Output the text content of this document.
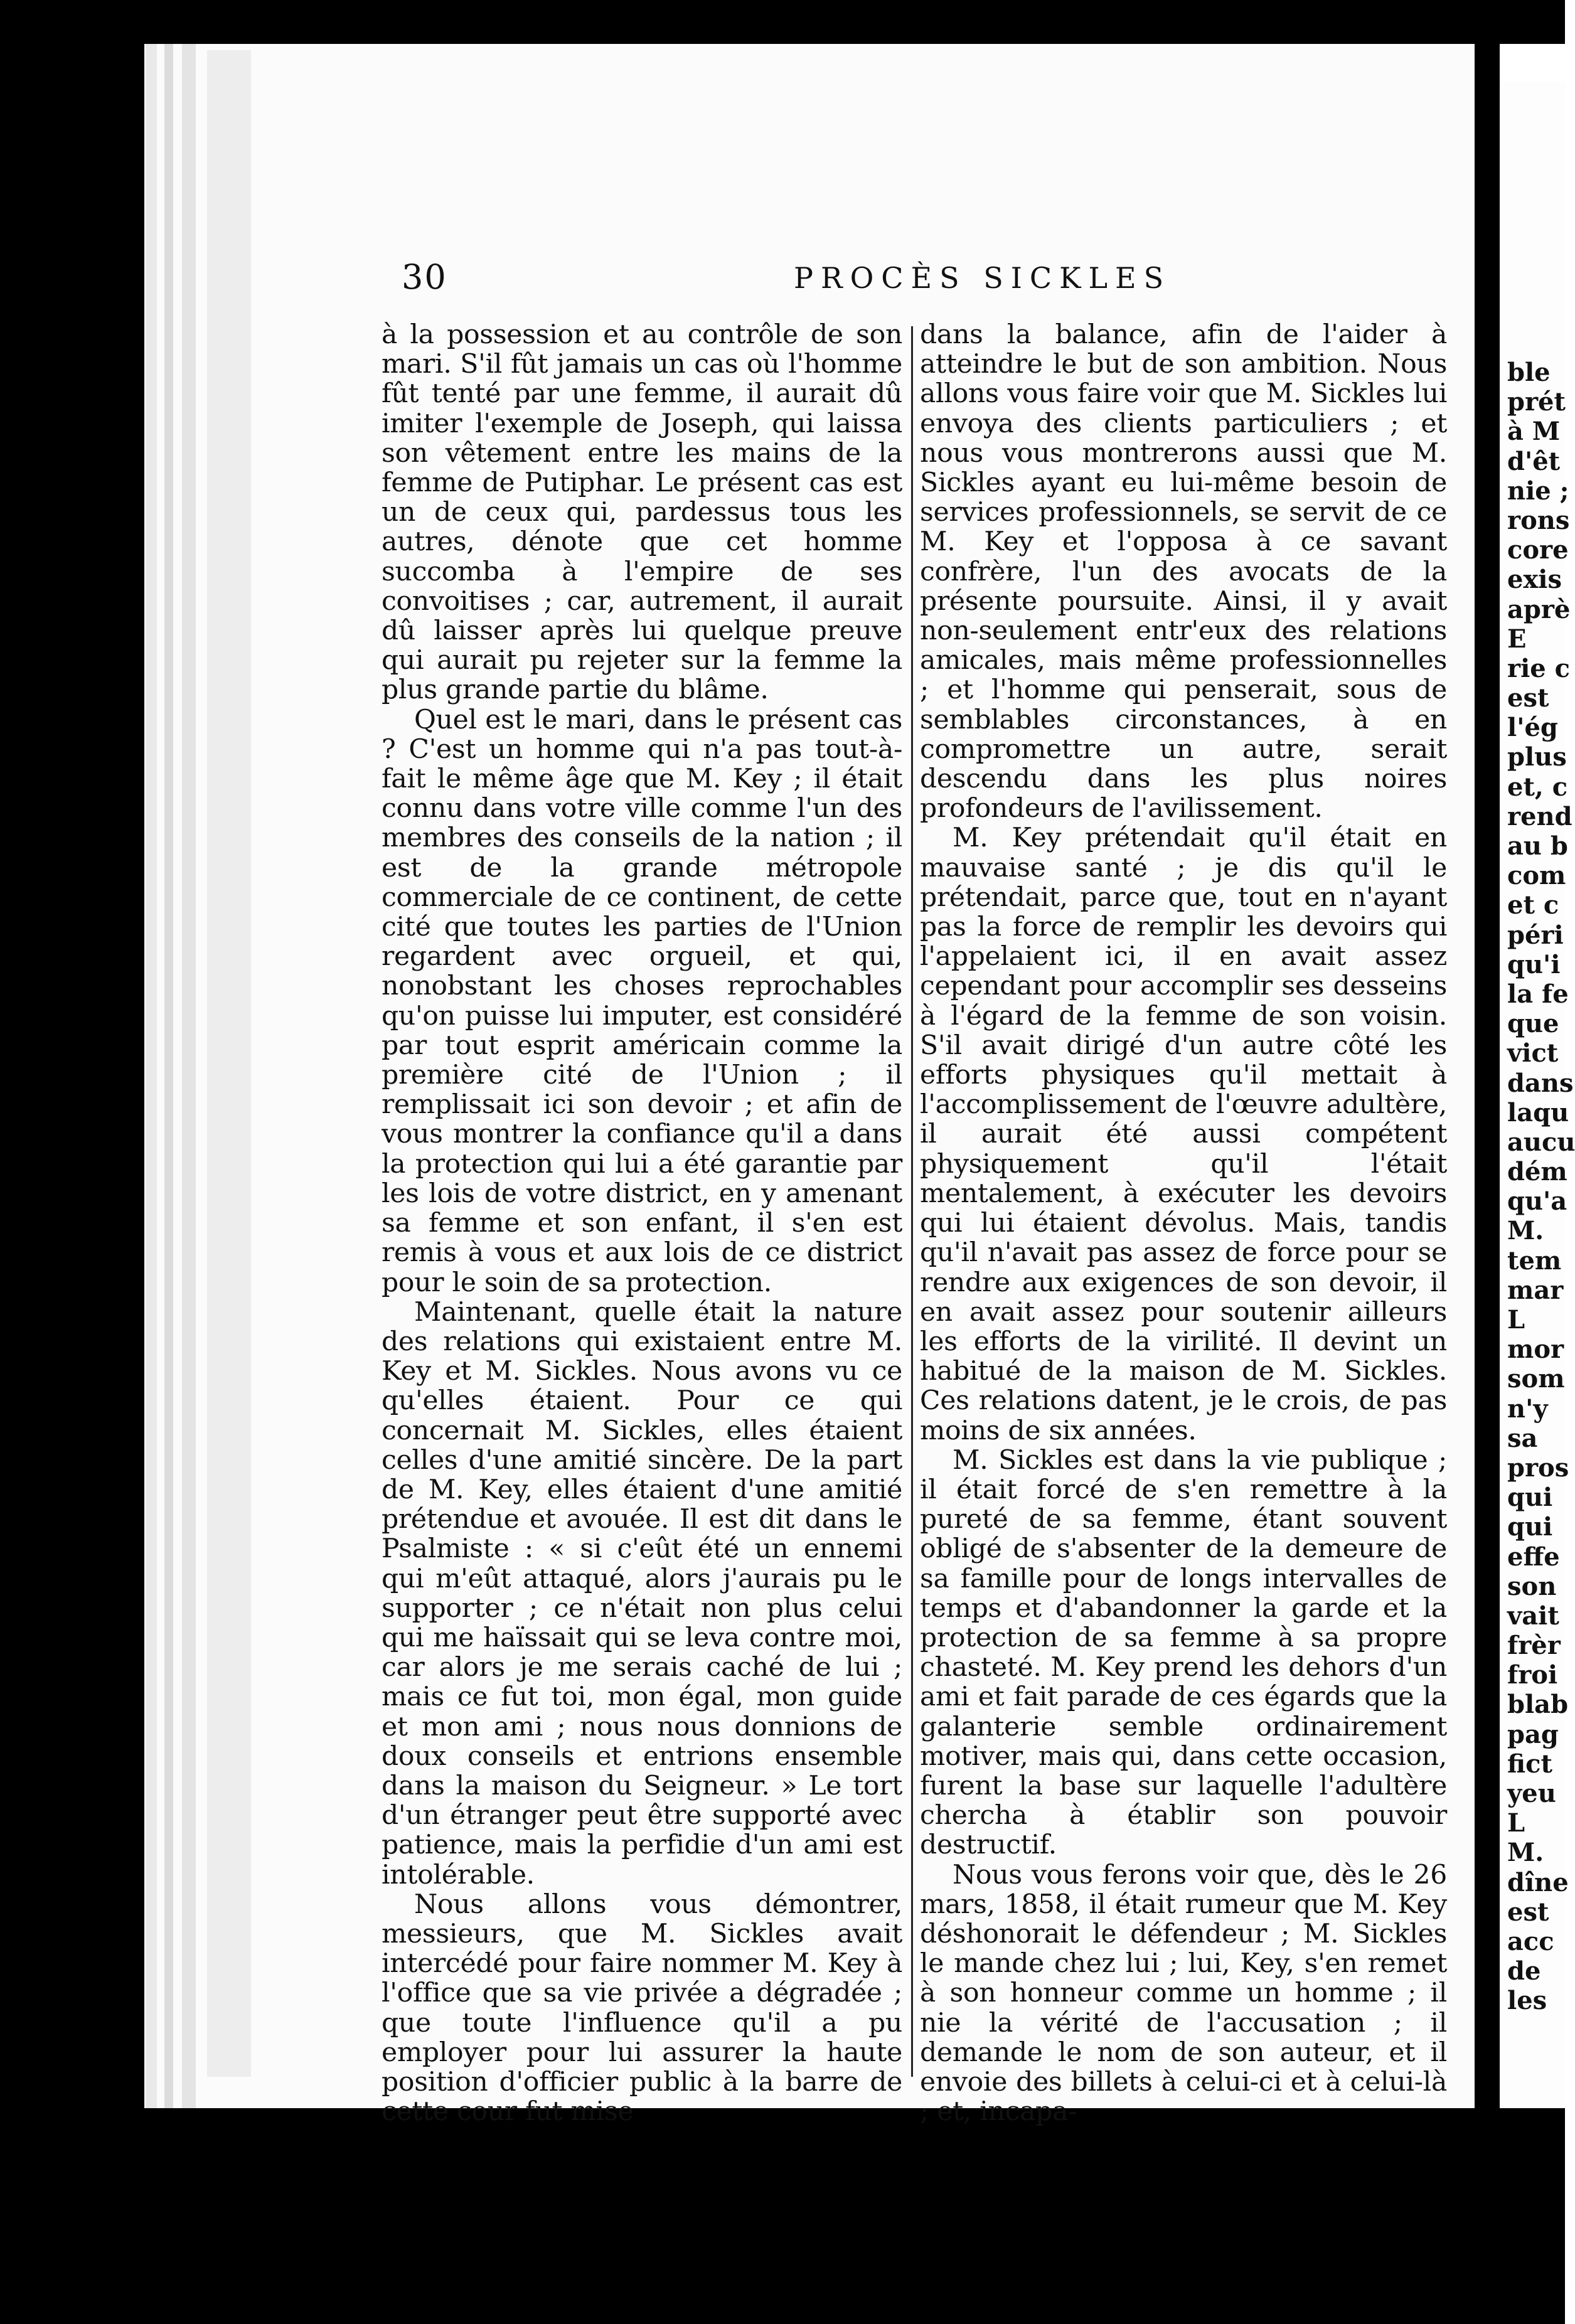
30	PROCÈS SICKLES

à la possession et au contrôle de son mari. S'il fût jamais un cas où l'homme fût tenté par une femme, il aurait dû imiter l'exemple de Joseph, qui laissa son vêtement entre les mains de la femme de Putiphar. Le présent cas est un de ceux qui, pardessus tous les autres, dénote que cet homme succomba à l'empire de ses convoitises ; car, autrement, il aurait dû laisser après lui quelque preuve qui aurait pu rejeter sur la femme la plus grande partie du blâme.

Quel est le mari, dans le présent cas ? C'est un homme qui n'a pas tout-à-fait le même âge que M. Key ; il était connu dans votre ville comme l'un des membres des conseils de la nation ; il est de la grande métropole commerciale de ce continent, de cette cité que toutes les parties de l'Union regardent avec orgueil, et qui, nonobstant les choses reprochables qu'on puisse lui imputer, est considéré par tout esprit américain comme la première cité de l'Union ; il remplissait ici son devoir ; et afin de vous montrer la confiance qu'il a dans la protection qui lui a été garantie par les lois de votre district, en y amenant sa femme et son enfant, il s'en est remis à vous et aux lois de ce district pour le soin de sa protection.

Maintenant, quelle était la nature des relations qui existaient entre M. Key et M. Sickles. Nous avons vu ce qu'elles étaient. Pour ce qui concernait M. Sickles, elles étaient celles d'une amitié sincère. De la part de M. Key, elles étaient d'une amitié prétendue et avouée. Il est dit dans le Psalmiste : « si c'eût été un ennemi qui m'eût attaqué, alors j'aurais pu le supporter ; ce n'était non plus celui qui me haïssait qui se leva contre moi, car alors je me serais caché de lui ; mais ce fut toi, mon égal, mon guide et mon ami ; nous nous donnions de doux conseils et entrions ensemble dans la maison du Seigneur. » Le tort d'un étranger peut être supporté avec patience, mais la perfidie d'un ami est intolérable.

Nous allons vous démontrer, messieurs, que M. Sickles avait intercédé pour faire nommer M. Key à l'office que sa vie privée a dégradée ; que toute l'influence qu'il a pu employer pour lui assurer la haute position d'officier public à la barre de cette cour fut mise

dans la balance, afin de l'aider à atteindre le but de son ambition. Nous allons vous faire voir que M. Sickles lui envoya des clients particuliers ; et nous vous montrerons aussi que M. Sickles ayant eu lui-même besoin de services professionnels, se servit de ce M. Key et l'opposa à ce savant confrère, l'un des avocats de la présente poursuite. Ainsi, il y avait non-seulement entr'eux des relations amicales, mais même professionnelles ; et l'homme qui penserait, sous de semblables circonstances, à en compromettre un autre, serait descendu dans les plus noires profondeurs de l'avilissement.

M. Key prétendait qu'il était en mauvaise santé ; je dis qu'il le prétendait, parce que, tout en n'ayant pas la force de remplir les devoirs qui l'appelaient ici, il en avait assez cependant pour accomplir ses desseins à l'égard de la femme de son voisin. S'il avait dirigé d'un autre côté les efforts physiques qu'il mettait à l'accomplissement de l'œuvre adultère, il aurait été aussi compétent physiquement qu'il l'était mentalement, à exécuter les devoirs qui lui étaient dévolus. Mais, tandis qu'il n'avait pas assez de force pour se rendre aux exigences de son devoir, il en avait assez pour soutenir ailleurs les efforts de la virilité. Il devint un habitué de la maison de M. Sickles. Ces relations datent, je le crois, de pas moins de six années.

M. Sickles est dans la vie publique ; il était forcé de s'en remettre à la pureté de sa femme, étant souvent obligé de s'absenter de la demeure de sa famille pour de longs intervalles de temps et d'abandonner la garde et la protection de sa femme à sa propre chasteté. M. Key prend les dehors d'un ami et fait parade de ces égards que la galanterie semble ordinairement motiver, mais qui, dans cette occasion, furent la base sur laquelle l'adultère chercha à établir son pouvoir destructif.

Nous vous ferons voir que, dès le 26 mars, 1858, il était rumeur que M. Key déshonorait le défendeur ; M. Sickles le mande chez lui ; lui, Key, s'en remet à son honneur comme un homme ; il nie la vérité de l'accusation ; il demande le nom de son auteur, et il envoie des billets à celui-ci et à celui-là ; et, incapa-

ble
prét
à M
d'êt
nie ;
rons
core
exis
aprè
E
rie c
est
l'ég
plus
et, c
rend
au b
com
et c
péri
qu'i
la fe
que
vict
dans
laqu
aucu
dém
qu'a
M.
tem
mar
L
mor
som
n'y
sa
pros
qui
qui
effe
son
vait
frèr
froi
blab
pag
fict
yeu
L
M.
dîne
est
acc
de
les
